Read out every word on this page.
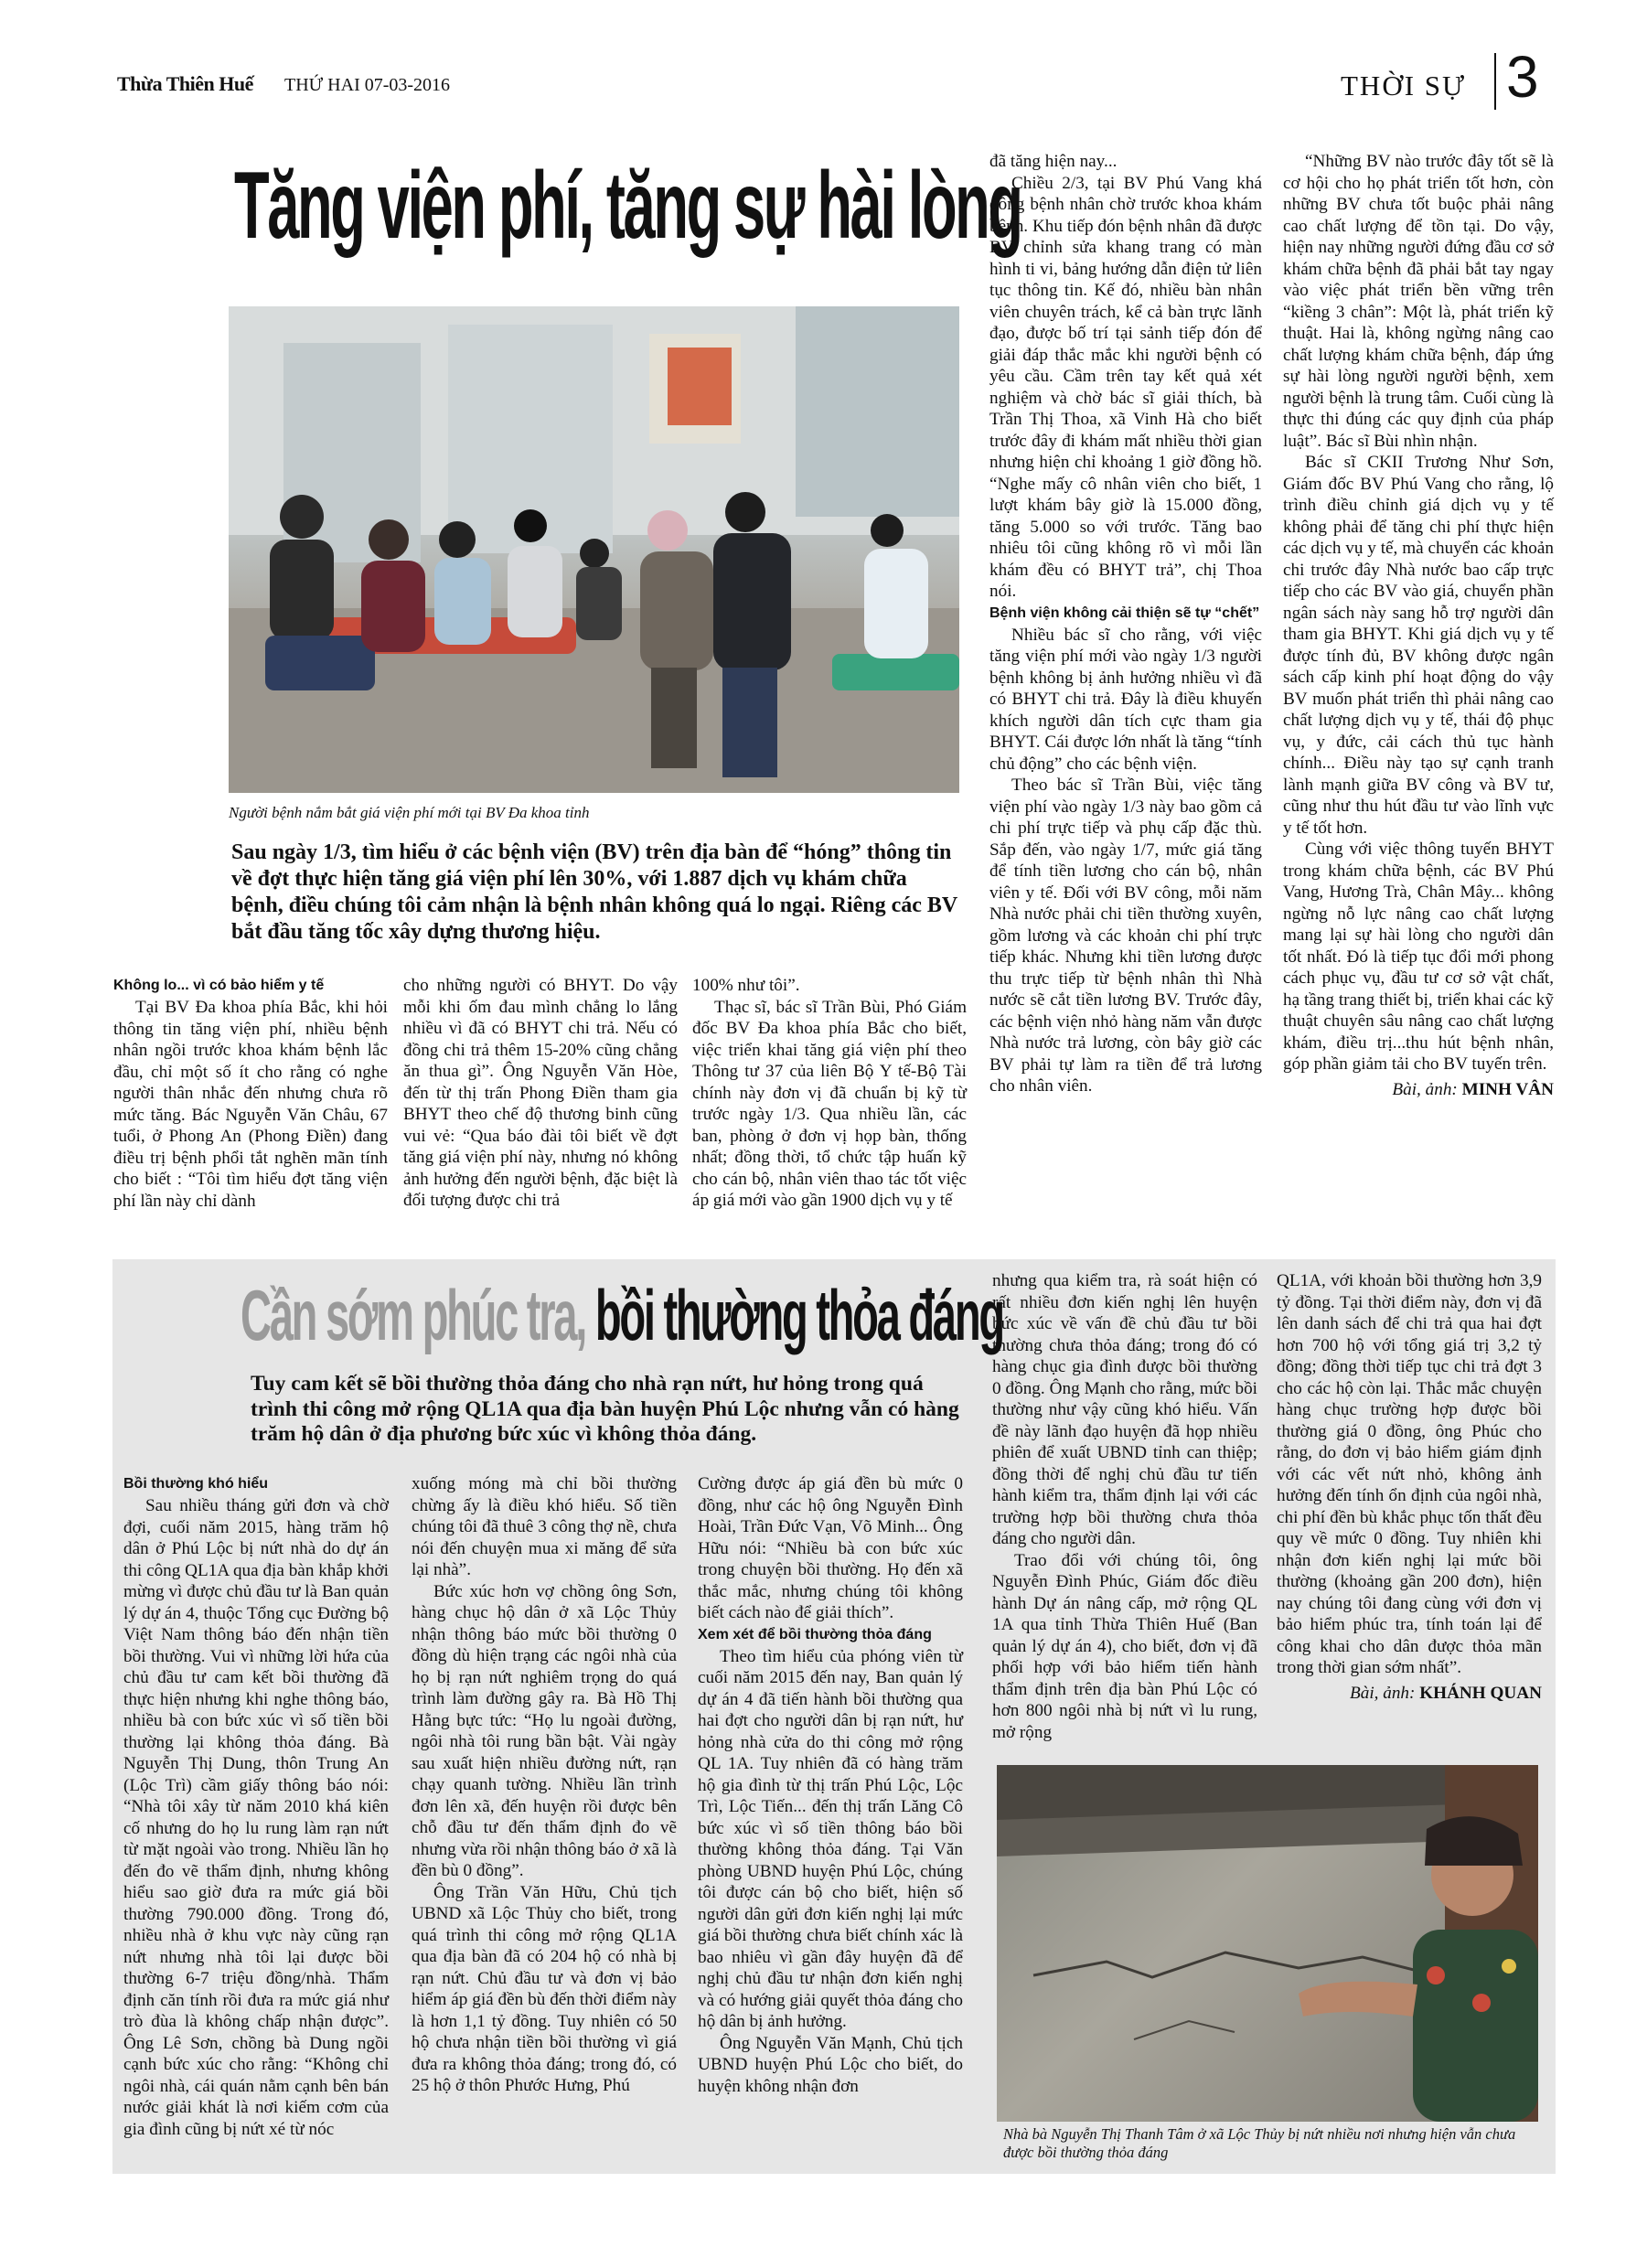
Thừa Thiên Huế THỨ HAI 07-03-2016	THỜI SỰ 3
Tăng viện phí, tăng sự hài lòng
Người bệnh nắm bắt giá viện phí mới tại BV Đa khoa tỉnh
Sau ngày 1/3, tìm hiểu ở các bệnh viện (BV) trên địa bàn để “hóng” thông tin về đợt thực hiện tăng giá viện phí lên 30%, với 1.887 dịch vụ khám chữa bệnh, điều chúng tôi cảm nhận là bệnh nhân không quá lo ngại. Riêng các BV bắt đầu tăng tốc xây dựng thương hiệu.

Không lo... vì có bảo hiểm y tế

Tại BV Đa khoa phía Bắc, khi hỏi thông tin tăng viện phí, nhiều bệnh nhân ngồi trước khoa khám bệnh lắc đầu, chỉ một số ít cho rằng có nghe người thân nhắc đến nhưng chưa rõ mức tăng. Bác Nguyễn Văn Châu, 67 tuổi, ở Phong An (Phong Điền) đang điều trị bệnh phổi tắt nghẽn mãn tính cho biết : “Tôi tìm hiểu đợt tăng viện phí lần này chỉ dành

cho những người có BHYT. Do vậy mỗi khi ốm đau mình chẳng lo lắng nhiều vì đã có BHYT chi trả. Nếu có đồng chi trả thêm 15-20% cũng chẳng ăn thua gì”. Ông Nguyễn Văn Hòe, đến từ thị trấn Phong Điền tham gia BHYT theo chế độ thương binh cũng vui vẻ: “Qua báo đài tôi biết về đợt tăng giá viện phí này, nhưng nó không ảnh hưởng đến người bệnh, đặc biệt là đối tượng được chi trả

100% như tôi”.

Thạc sĩ, bác sĩ Trần Bùi, Phó Giám đốc BV Đa khoa phía Bắc cho biết, việc triển khai tăng giá viện phí theo Thông tư 37 của liên Bộ Y tế-Bộ Tài chính này đơn vị đã chuẩn bị kỹ từ trước ngày 1/3. Qua nhiều lần, các ban, phòng ở đơn vị họp bàn, thống nhất; đồng thời, tổ chức tập huấn kỹ cho cán bộ, nhân viên thao tác tốt việc áp giá mới vào gần 1900 dịch vụ y tế

đã tăng hiện nay...

Chiều 2/3, tại BV Phú Vang khá đông bệnh nhân chờ trước khoa khám bệnh. Khu tiếp đón bệnh nhân đã được BV chỉnh sửa khang trang có màn hình ti vi, bảng hướng dẫn điện tử liên tục thông tin. Kế đó, nhiều bàn nhân viên chuyên trách, kể cả bàn trực lãnh đạo, được bố trí tại sảnh tiếp đón để giải đáp thắc mắc khi người bệnh có yêu cầu. Cầm trên tay kết quả xét nghiệm và chờ bác sĩ giải thích, bà Trần Thị Thoa, xã Vinh Hà cho biết trước đây đi khám mất nhiều thời gian nhưng hiện chỉ khoảng 1 giờ đồng hồ. “Nghe mấy cô nhân viên cho biết, 1 lượt khám bây giờ là 15.000 đồng, tăng 5.000 so với trước. Tăng bao nhiêu tôi cũng không rõ vì mỗi lần khám đều có BHYT trả”, chị Thoa nói.

Bệnh viện không cải thiện sẽ tự “chết”

Nhiều bác sĩ cho rằng, với việc tăng viện phí mới vào ngày 1/3 người bệnh không bị ảnh hưởng nhiều vì đã có BHYT chi trả. Đây là điều khuyến khích người dân tích cực tham gia BHYT. Cái được lớn nhất là tăng “tính chủ động” cho các bệnh viện.

Theo bác sĩ Trần Bùi, việc tăng viện phí vào ngày 1/3 này bao gồm cả chi phí trực tiếp và phụ cấp đặc thù. Sắp đến, vào ngày 1/7, mức giá tăng để tính tiền lương cho cán bộ, nhân viên y tế. Đối với BV công, mỗi năm Nhà nước phải chi tiền thường xuyên, gồm lương và các khoản chi phí trực tiếp khác. Nhưng khi tiền lương được thu trực tiếp từ bệnh nhân thì Nhà nước sẽ cắt tiền lương BV. Trước đây, các bệnh viện nhỏ hàng năm vẫn được Nhà nước trả lương, còn bây giờ các BV phải tự làm ra tiền để trả lương cho nhân viên.

“Những BV nào trước đây tốt sẽ là cơ hội cho họ phát triển tốt hơn, còn những BV chưa tốt buộc phải nâng cao chất lượng để tồn tại. Do vậy, hiện nay những người đứng đầu cơ sở khám chữa bệnh đã phải bắt tay ngay vào việc phát triển bền vững trên “kiềng 3 chân”: Một là, phát triển kỹ thuật. Hai là, không ngừng nâng cao chất lượng khám chữa bệnh, đáp ứng sự hài lòng người người bệnh, xem người bệnh là trung tâm. Cuối cùng là thực thi đúng các quy định của pháp luật”. Bác sĩ Bùi nhìn nhận.

Bác sĩ CKII Trương Như Sơn, Giám đốc BV Phú Vang cho rằng, lộ trình điều chỉnh giá dịch vụ y tế không phải để tăng chi phí thực hiện các dịch vụ y tế, mà chuyển các khoản chi trước đây Nhà nước bao cấp trực tiếp cho các BV vào giá, chuyển phần ngân sách này sang hỗ trợ người dân tham gia BHYT. Khi giá dịch vụ y tế được tính đủ, BV không được ngân sách cấp kinh phí hoạt động do vậy BV muốn phát triển thì phải nâng cao chất lượng dịch vụ y tế, thái độ phục vụ, y đức, cải cách thủ tục hành chính... Điều này tạo sự cạnh tranh lành mạnh giữa BV công và BV tư, cũng như thu hút đầu tư vào lĩnh vực y tế tốt hơn.

Cùng với việc thông tuyến BHYT trong khám chữa bệnh, các BV Phú Vang, Hương Trà, Chân Mây... không ngừng nỗ lực nâng cao chất lượng mang lại sự hài lòng cho người dân tốt nhất. Đó là tiếp tục đổi mới phong cách phục vụ, đầu tư cơ sở vật chất, hạ tầng trang thiết bị, triển khai các kỹ thuật chuyên sâu nâng cao chất lượng khám, điều trị...thu hút bệnh nhân, góp phần giảm tải cho BV tuyến trên.

Bài, ảnh: MINH VÂN

Cần sớm phúc tra, bồi thường thỏa đáng
Tuy cam kết sẽ bồi thường thỏa đáng cho nhà rạn nứt, hư hỏng trong quá trình thi công mở rộng QL1A qua địa bàn huyện Phú Lộc nhưng vẫn có hàng trăm hộ dân ở địa phương bức xúc vì không thỏa đáng.

Bồi thường khó hiểu

Sau nhiều tháng gửi đơn và chờ đợi, cuối năm 2015, hàng trăm hộ dân ở Phú Lộc bị nứt nhà do dự án thi công QL1A qua địa bàn khắp khởi mừng vì được chủ đầu tư là Ban quản lý dự án 4, thuộc Tổng cục Đường bộ Việt Nam thông báo đến nhận tiền bồi thường. Vui vì những lời hứa của chủ đầu tư cam kết bồi thường đã thực hiện nhưng khi nghe thông báo, nhiều bà con bức xúc vì số tiền bồi thường lại không thỏa đáng. Bà Nguyễn Thị Dung, thôn Trung An (Lộc Trì) cầm giấy thông báo nói: “Nhà tôi xây từ năm 2010 khá kiên cố nhưng do họ lu rung làm rạn nứt từ mặt ngoài vào trong. Nhiều lần họ đến đo vẽ thẩm định, nhưng không hiểu sao giờ đưa ra mức giá bồi thường 790.000 đồng. Trong đó, nhiều nhà ở khu vực này cũng rạn nứt nhưng nhà tôi lại được bồi thường 6-7 triệu đồng/nhà. Thẩm định căn tính rồi đưa ra mức giá như trò đùa là không chấp nhận được”. Ông Lê Sơn, chồng bà Dung ngồi cạnh bức xúc cho rằng: “Không chỉ ngôi nhà, cái quán nằm cạnh bên bán nước giải khát là nơi kiếm cơm của gia đình cũng bị nứt xé từ nóc

xuống móng mà chỉ bồi thường chừng ấy là điều khó hiểu. Số tiền chúng tôi đã thuê 3 công thợ nề, chưa nói đến chuyện mua xi măng để sửa lại nhà”.

Bức xúc hơn vợ chồng ông Sơn, hàng chục hộ dân ở xã Lộc Thủy nhận thông báo mức bồi thường 0 đồng dù hiện trạng các ngôi nhà của họ bị rạn nứt nghiêm trọng do quá trình làm đường gây ra. Bà Hồ Thị Hằng bực tức: “Họ lu ngoài đường, ngôi nhà tôi rung bần bật. Vài ngày sau xuất hiện nhiều đường nứt, rạn chạy quanh tường. Nhiều lần trình đơn lên xã, đến huyện rồi được bên chỗ đầu tư đến thẩm định đo vẽ nhưng vừa rồi nhận thông báo ở xã là đền bù 0 đồng”.

Ông Trần Văn Hữu, Chủ tịch UBND xã Lộc Thủy cho biết, trong quá trình thi công mở rộng QL1A qua địa bàn đã có 204 hộ có nhà bị rạn nứt. Chủ đầu tư và đơn vị bảo hiểm áp giá đền bù đến thời điểm này là hơn 1,1 tỷ đồng. Tuy nhiên có 50 hộ chưa nhận tiền bồi thường vì giá đưa ra không thỏa đáng; trong đó, có 25 hộ ở thôn Phước Hưng, Phú

Cường được áp giá đền bù mức 0 đồng, như các hộ ông Nguyễn Đình Hoài, Trần Đức Vạn, Võ Minh... Ông Hữu nói: “Nhiều bà con bức xúc trong chuyện bồi thường. Họ đến xã thắc mắc, nhưng chúng tôi không biết cách nào để giải thích”.

Xem xét để bồi thường thỏa đáng

Theo tìm hiểu của phóng viên từ cuối năm 2015 đến nay, Ban quản lý dự án 4 đã tiến hành bồi thường qua hai đợt cho người dân bị rạn nứt, hư hỏng nhà cửa do thi công mở rộng QL 1A. Tuy nhiên đã có hàng trăm hộ gia đình từ thị trấn Phú Lộc, Lộc Trì, Lộc Tiến... đến thị trấn Lăng Cô bức xúc vì số tiền thông báo bồi thường không thỏa đáng. Tại Văn phòng UBND huyện Phú Lộc, chúng tôi được cán bộ cho biết, hiện số người dân gửi đơn kiến nghị lại mức giá bồi thường chưa biết chính xác là bao nhiêu vì gần đây huyện đã để nghị chủ đầu tư nhận đơn kiến nghị và có hướng giải quyết thỏa đáng cho hộ dân bị ảnh hưởng.

Ông Nguyễn Văn Mạnh, Chủ tịch UBND huyện Phú Lộc cho biết, do huyện không nhận đơn

nhưng qua kiểm tra, rà soát hiện có rất nhiều đơn kiến nghị lên huyện bức xúc về vấn đề chủ đầu tư bồi thường chưa thỏa đáng; trong đó có hàng chục gia đình được bồi thường 0 đồng. Ông Mạnh cho rằng, mức bồi thường như vậy cũng khó hiểu. Vấn đề này lãnh đạo huyện đã họp nhiều phiên để xuất UBND tỉnh can thiệp; đồng thời để nghị chủ đầu tư tiến hành kiểm tra, thẩm định lại với các trường hợp bồi thường chưa thỏa đáng cho người dân.

Trao đổi với chúng tôi, ông Nguyễn Đình Phúc, Giám đốc điều hành Dự án nâng cấp, mở rộng QL 1A qua tỉnh Thừa Thiên Huế (Ban quản lý dự án 4), cho biết, đơn vị đã phối hợp với bảo hiểm tiến hành thẩm định trên địa bàn Phú Lộc có hơn 800 ngôi nhà bị nứt vì lu rung, mở rộng

QL1A, với khoản bồi thường hơn 3,9 tỷ đồng. Tại thời điểm này, đơn vị đã lên danh sách để chi trả qua hai đợt hơn 700 hộ với tổng giá trị 3,2 tỷ đồng; đồng thời tiếp tục chi trả đợt 3 cho các hộ còn lại. Thắc mắc chuyện hàng chục trường hợp được bồi thường giá 0 đồng, ông Phúc cho rằng, do đơn vị bảo hiểm giám định với các vết nứt nhỏ, không ảnh hưởng đến tính ổn định của ngôi nhà, chi phí đền bù khắc phục tốn thất đều quy về mức 0 đồng. Tuy nhiên khi nhận đơn kiến nghị lại mức bồi thường (khoảng gần 200 đơn), hiện nay chúng tôi đang cùng với đơn vị bảo hiểm phúc tra, tính toán lại để công khai cho dân được thỏa mãn trong thời gian sớm nhất”.

Bài, ảnh: KHÁNH QUAN

Nhà bà Nguyễn Thị Thanh Tâm ở xã Lộc Thủy bị nứt nhiều nơi nhưng hiện vẫn chưa được bồi thường thỏa đáng
